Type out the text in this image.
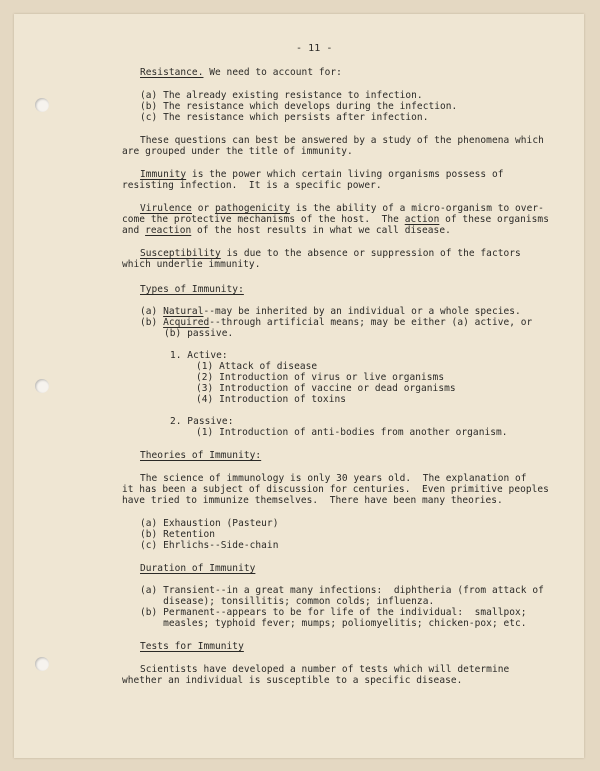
- 11 -
Resistance. We need to account for:
(a) The already existing resistance to infection.
(b) The resistance which develops during the infection.
(c) The resistance which persists after infection.
These questions can best be answered by a study of the phenomena which
are grouped under the title of immunity.
Immunity is the power which certain living organisms possess of
resisting infection.  It is a specific power.
Virulence or pathogenicity is the ability of a micro-organism to over-
come the protective mechanisms of the host.  The action of these organisms
and reaction of the host results in what we call disease.
Susceptibility is due to the absence or suppression of the factors
which underlie immunity.
Types of Immunity:
(a) Natural--may be inherited by an individual or a whole species.
(b) Acquired--through artificial means; may be either (a) active, or
(b) passive.
1. Active:
(1) Attack of disease
(2) Introduction of virus or live organisms
(3) Introduction of vaccine or dead organisms
(4) Introduction of toxins
2. Passive:
(1) Introduction of anti-bodies from another organism.
Theories of Immunity:
The science of immunology is only 30 years old.  The explanation of
it has been a subject of discussion for centuries.  Even primitive peoples
have tried to immunize themselves.  There have been many theories.
(a) Exhaustion (Pasteur)
(b) Retention
(c) Ehrlichs--Side-chain
Duration of Immunity
(a) Transient--in a great many infections:  diphtheria (from attack of
disease); tonsillitis; common colds; influenza.
(b) Permanent--appears to be for life of the individual:  smallpox;
measles; typhoid fever; mumps; poliomyelitis; chicken-pox; etc.
Tests for Immunity
Scientists have developed a number of tests which will determine
whether an individual is susceptible to a specific disease.
